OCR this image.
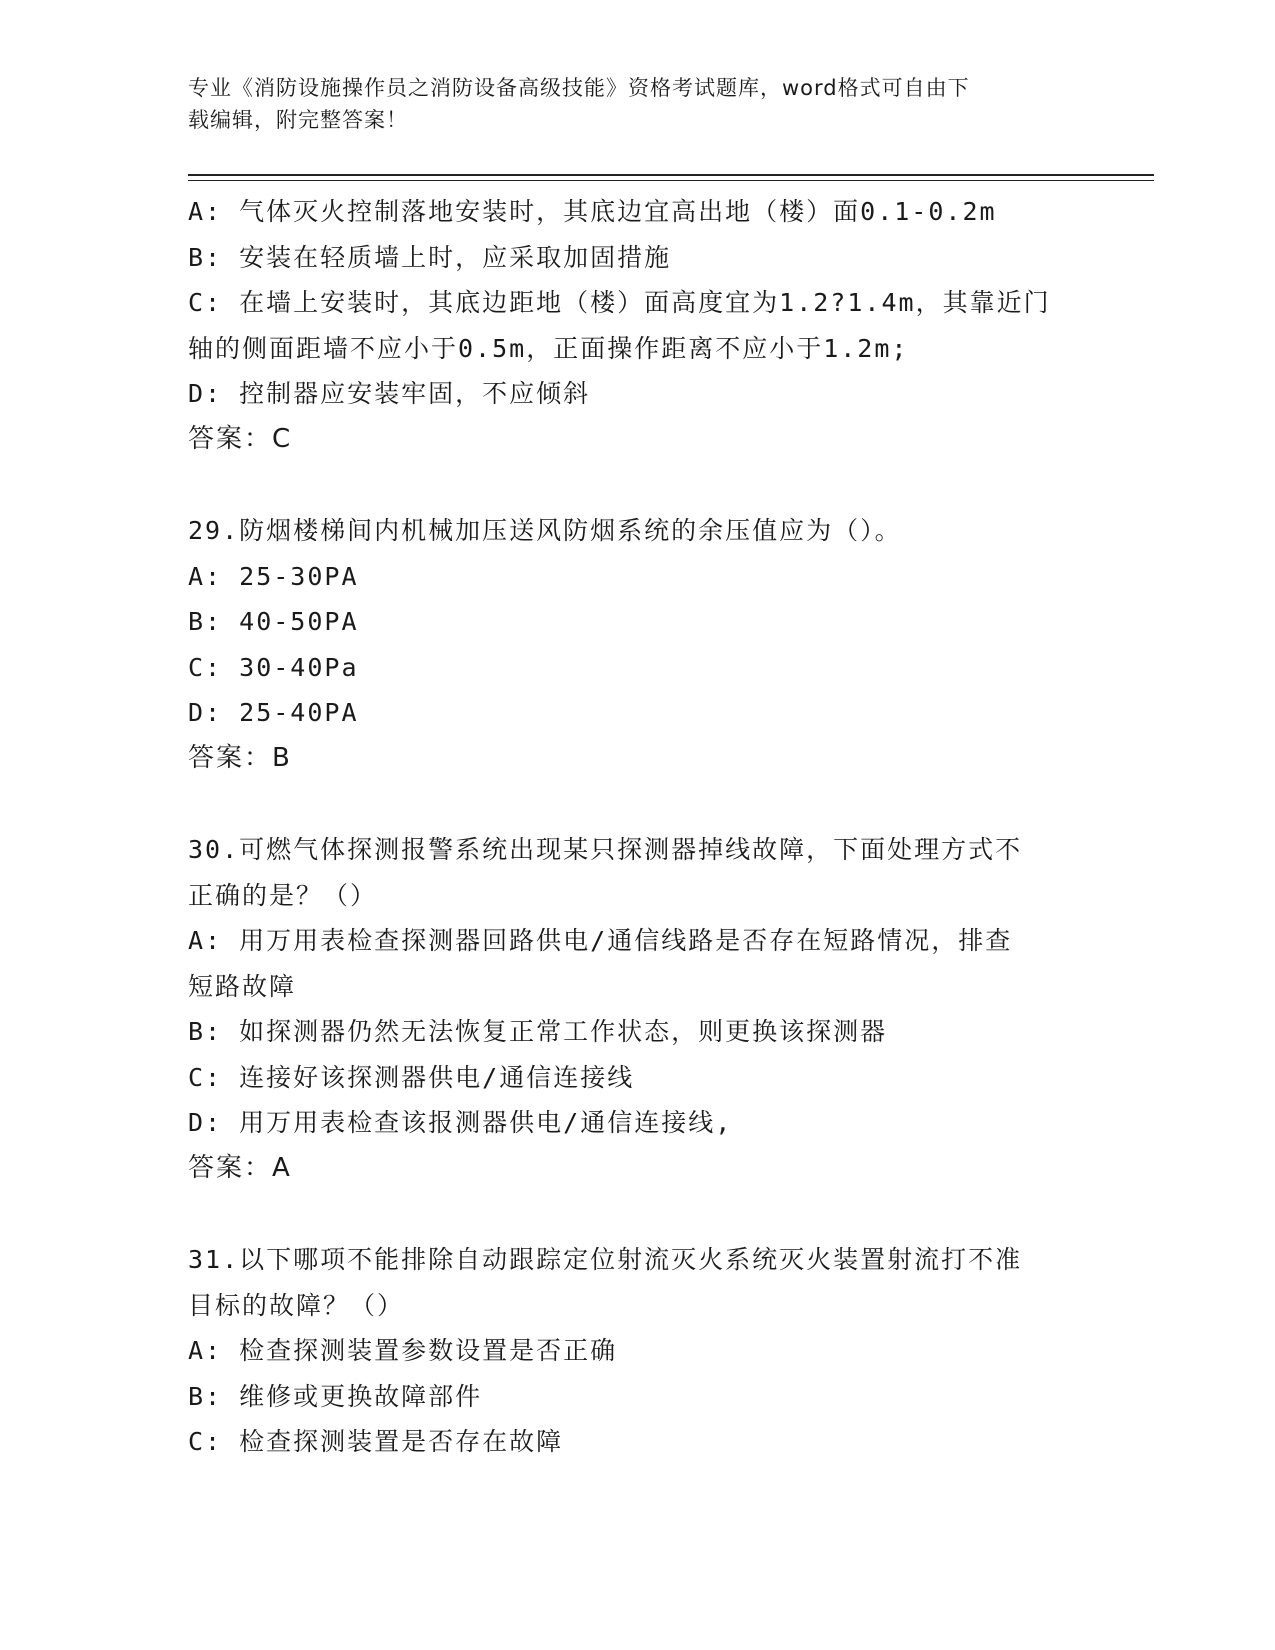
专业《消防设施操作员之消防设备高级技能》资格考试题库，word格式可自由下
载编辑，附完整答案！
A: 气体灭火控制落地安装时，其底边宜高出地（楼）面0.1-0.2m
B: 安装在轻质墙上时，应采取加固措施
C: 在墙上安装时，其底边距地（楼）面高度宜为1.2?1.4m，其靠近门
轴的侧面距墙不应小于0.5m，正面操作距离不应小于1.2m;
D: 控制器应安装牢固，不应倾斜
答案：C
29.防烟楼梯间内机械加压送风防烟系统的余压值应为（）。
A: 25-30PA
B: 40-50PA
C: 30-40Pa
D: 25-40PA
答案：B
30.可燃气体探测报警系统出现某只探测器掉线故障，下面处理方式不
正确的是？（）
A: 用万用表检查探测器回路供电/通信线路是否存在短路情况，排查
短路故障
B: 如探测器仍然无法恢复正常工作状态，则更换该探测器
C: 连接好该探测器供电/通信连接线
D: 用万用表检查该报测器供电/通信连接线,
答案：A
31.以下哪项不能排除自动跟踪定位射流灭火系统灭火装置射流打不准
目标的故障？（）
A: 检查探测装置参数设置是否正确
B: 维修或更换故障部件
C: 检查探测装置是否存在故障
